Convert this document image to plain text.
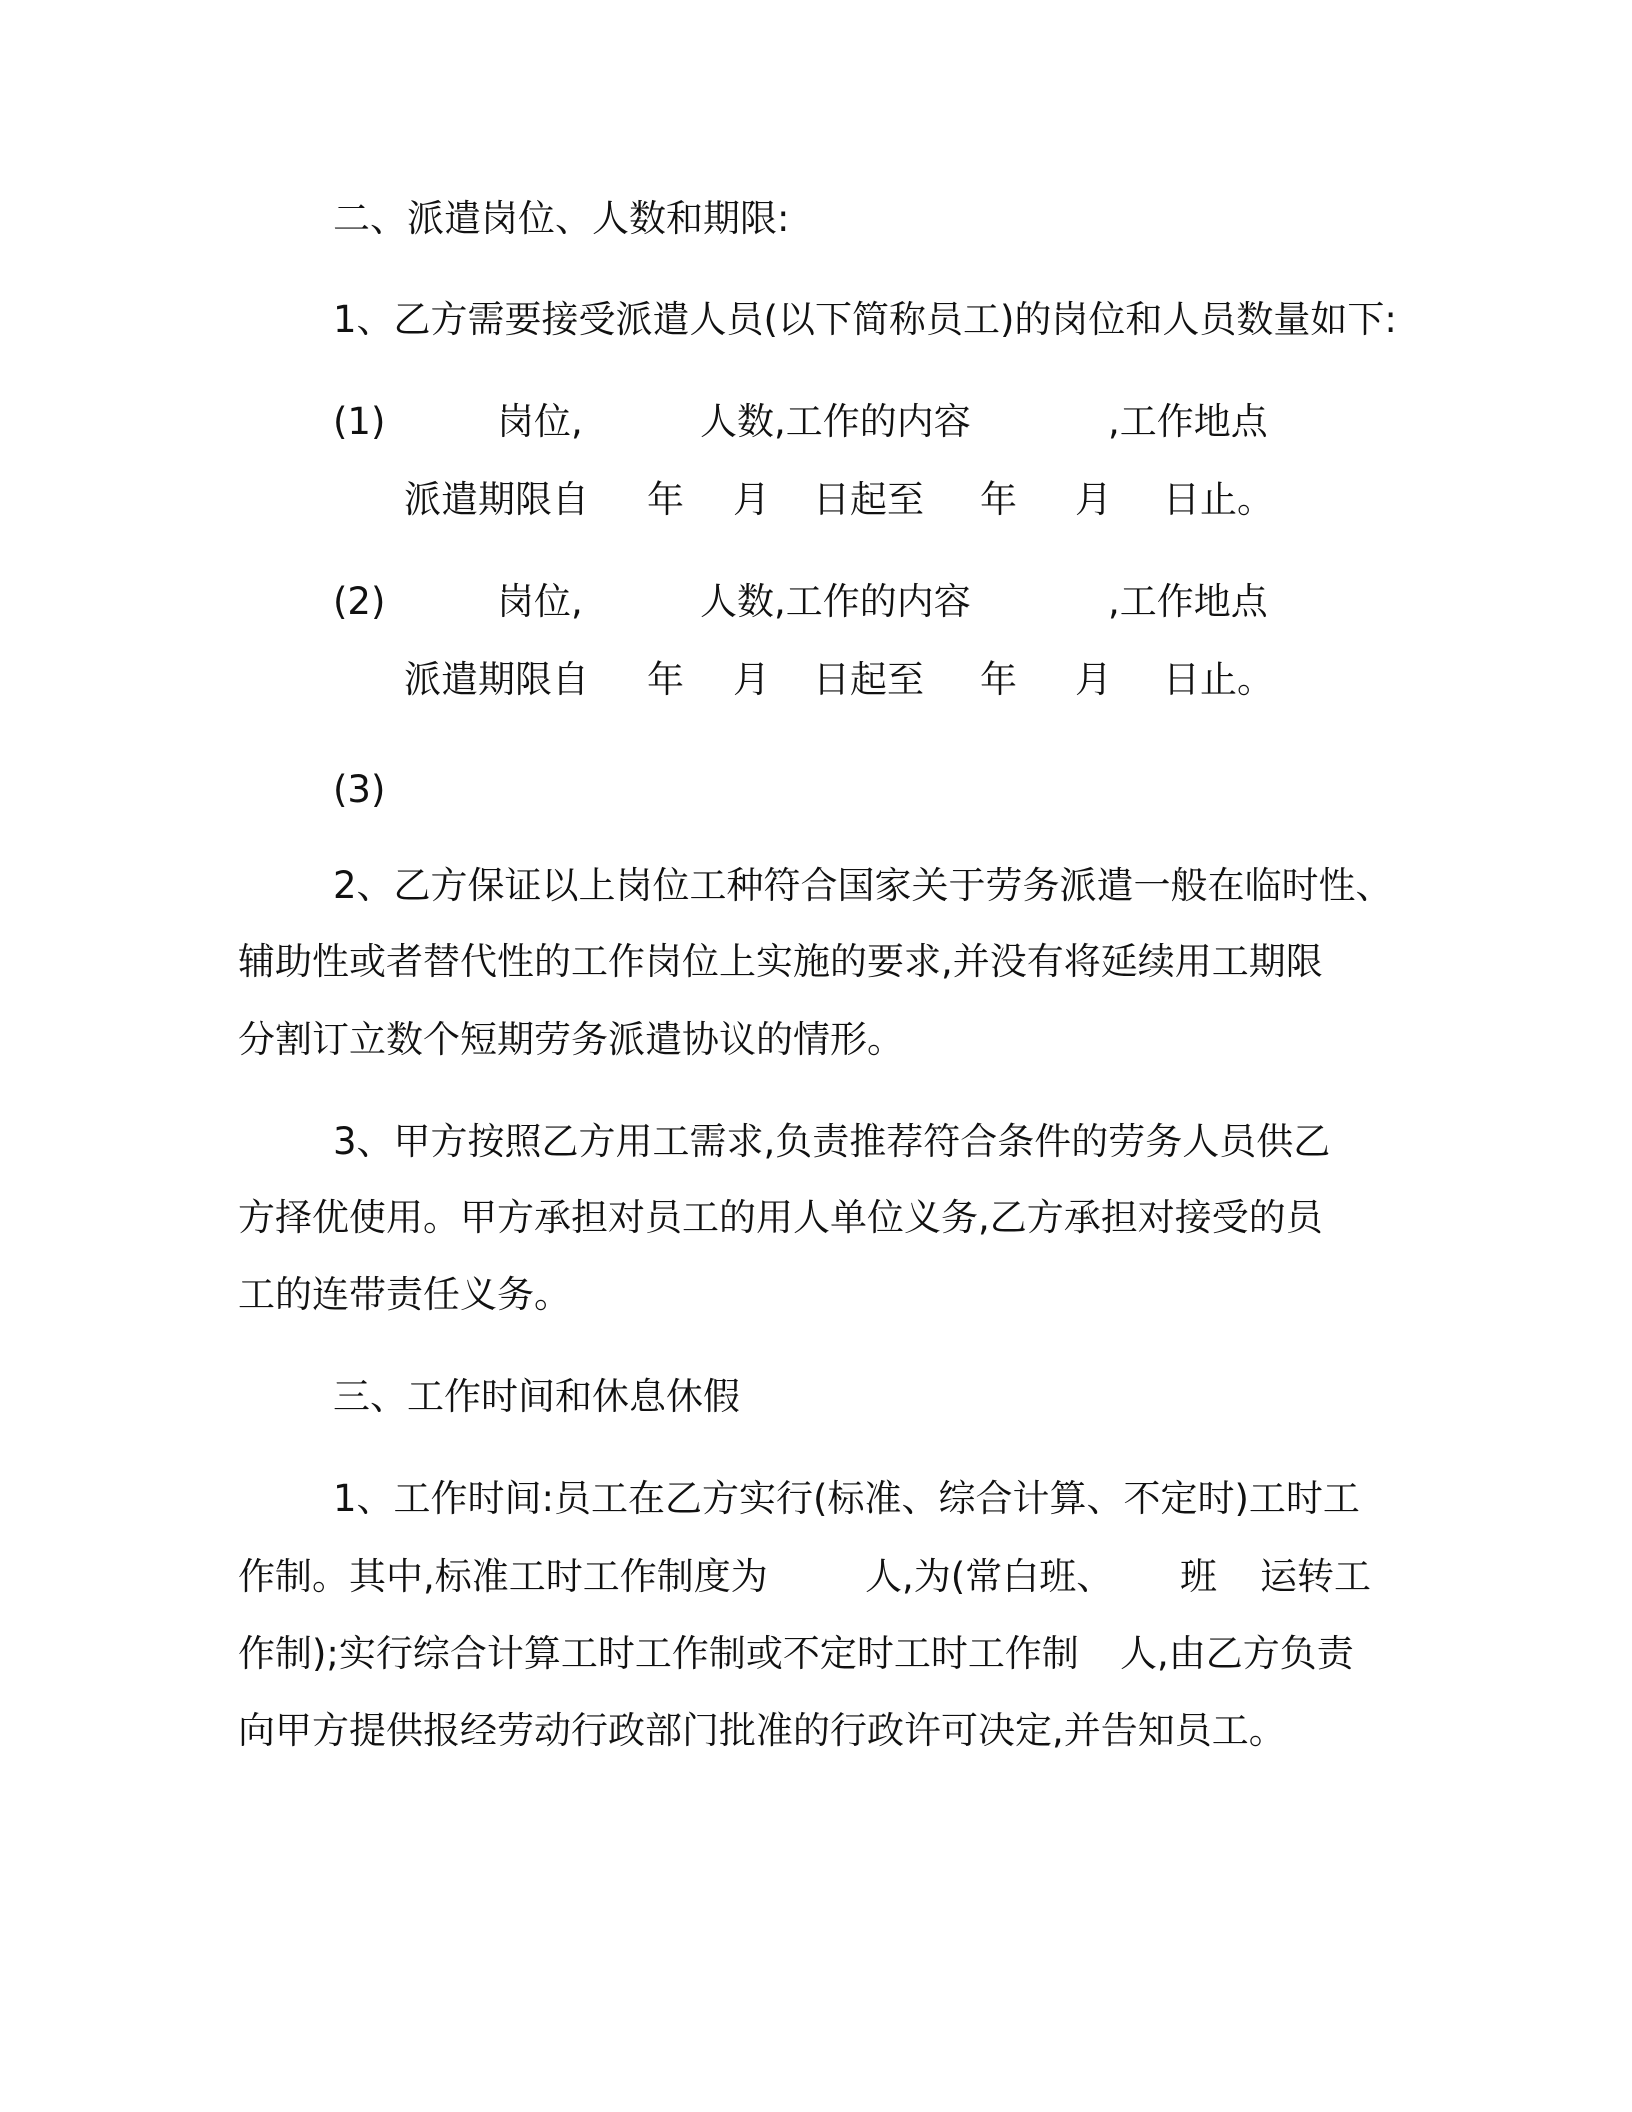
二、派遣岗位、人数和期限:
1、乙方需要接受派遣人员(以下简称员工)的岗位和人员数量如下:
(1)	岗位,	人数,工作的内容	,工作地点
派遣期限自 年 月 日起至 年 月 日止。
(2)	岗位,	人数,工作的内容	,工作地点
派遣期限自 年 月 日起至 年 月 日止。
(3)
2、乙方保证以上岗位工种符合国家关于劳务派遣一般在临时性、
辅助性或者替代性的工作岗位上实施的要求,并没有将延续用工期限
分割订立数个短期劳务派遣协议的情形。
3、甲方按照乙方用工需求,负责推荐符合条件的劳务人员供乙
方择优使用。甲方承担对员工的用人单位义务,乙方承担对接受的员
工的连带责任义务。
三、工作时间和休息休假
1、工作时间:员工在乙方实行(标准、综合计算、不定时)工时工
作制。其中,标准工时工作制度为	人,为(常白班、 班 运转工
作制);实行综合计算工时工作制或不定时工时工作制 人,由乙方负责
向甲方提供报经劳动行政部门批准的行政许可决定,并告知员工。
